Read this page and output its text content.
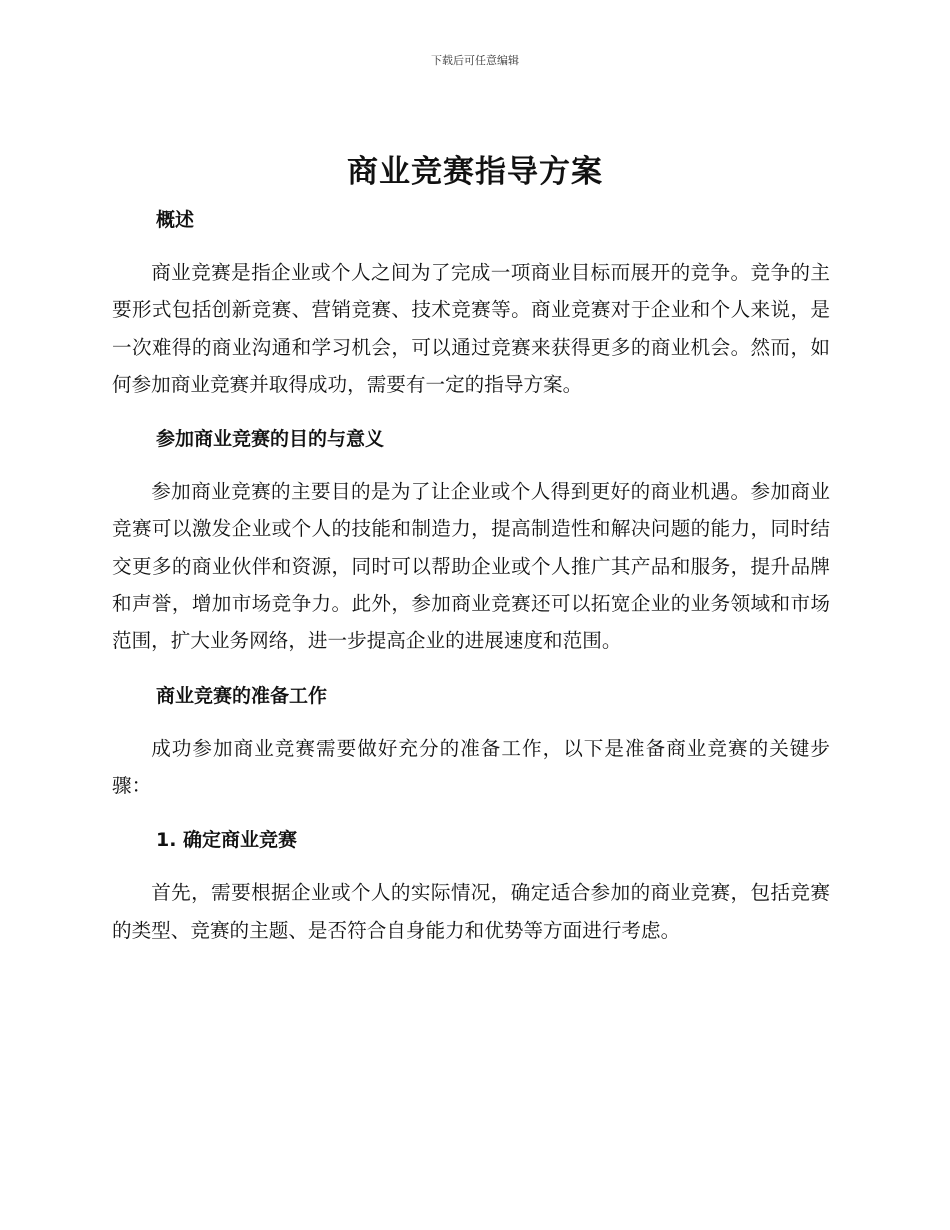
下载后可任意编辑
商业竞赛指导方案
概述

商业竞赛是指企业或个人之间为了完成一项商业目标而展开的竞争。竞争的主要形式包括创新竞赛、营销竞赛、技术竞赛等。商业竞赛对于企业和个人来说，是一次难得的商业沟通和学习机会，可以通过竞赛来获得更多的商业机会。然而，如何参加商业竞赛并取得成功，需要有一定的指导方案。

参加商业竞赛的目的与意义

参加商业竞赛的主要目的是为了让企业或个人得到更好的商业机遇。参加商业竞赛可以激发企业或个人的技能和制造力，提高制造性和解决问题的能力，同时结交更多的商业伙伴和资源，同时可以帮助企业或个人推广其产品和服务，提升品牌和声誉，增加市场竞争力。此外，参加商业竞赛还可以拓宽企业的业务领域和市场范围，扩大业务网络，进一步提高企业的进展速度和范围。

商业竞赛的准备工作

成功参加商业竞赛需要做好充分的准备工作，以下是准备商业竞赛的关键步骤：

1. 确定商业竞赛

首先，需要根据企业或个人的实际情况，确定适合参加的商业竞赛，包括竞赛的类型、竞赛的主题、是否符合自身能力和优势等方面进行考虑。
